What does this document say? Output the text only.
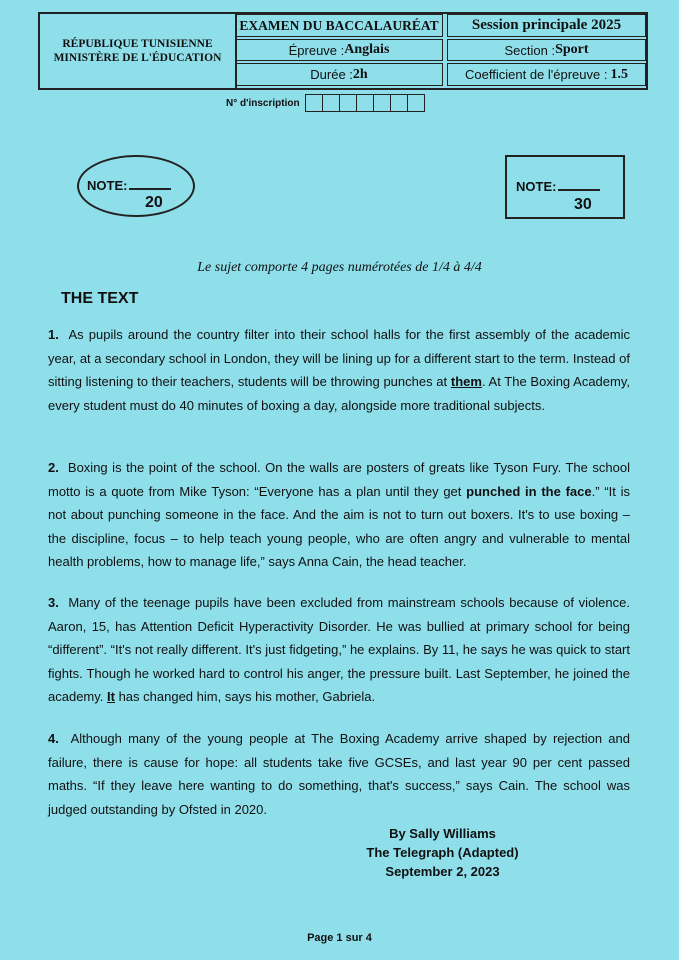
RÉPUBLIQUE TUNISIENNE
MINISTÈRE DE L'ÉDUCATION
EXAMEN DU BACCALAURÉAT	Session principale 2025
Épreuve : Anglais	Section : Sport
Durée : 2h	Coefficient de l'épreuve : 1.5
N° d'inscription
NOTE:
20
NOTE:
30
Le sujet comporte 4 pages numérotées de 1/4 à 4/4
THE TEXT
1. As pupils around the country filter into their school halls for the first assembly of the academic year, at a secondary school in London, they will be lining up for a different start to the term. Instead of sitting listening to their teachers, students will be throwing punches at them. At The Boxing Academy, every student must do 40 minutes of boxing a day, alongside more traditional subjects.
2. Boxing is the point of the school. On the walls are posters of greats like Tyson Fury. The school motto is a quote from Mike Tyson: “Everyone has a plan until they get punched in the face.” “It is not about punching someone in the face. And the aim is not to turn out boxers. It's to use boxing – the discipline, focus – to help teach young people, who are often angry and vulnerable to mental health problems, how to manage life,” says Anna Cain, the head teacher.
3. Many of the teenage pupils have been excluded from mainstream schools because of violence. Aaron, 15, has Attention Deficit Hyperactivity Disorder. He was bullied at primary school for being “different”. “It's not really different. It's just fidgeting,” he explains. By 11, he says he was quick to start fights. Though he worked hard to control his anger, the pressure built. Last September, he joined the academy. It has changed him, says his mother, Gabriela.
4. Although many of the young people at The Boxing Academy arrive shaped by rejection and failure, there is cause for hope: all students take five GCSEs, and last year 90 per cent passed maths. “If they leave here wanting to do something, that's success,” says Cain. The school was judged outstanding by Ofsted in 2020.
By Sally Williams
The Telegraph (Adapted)
September 2, 2023
Page 1 sur 4
